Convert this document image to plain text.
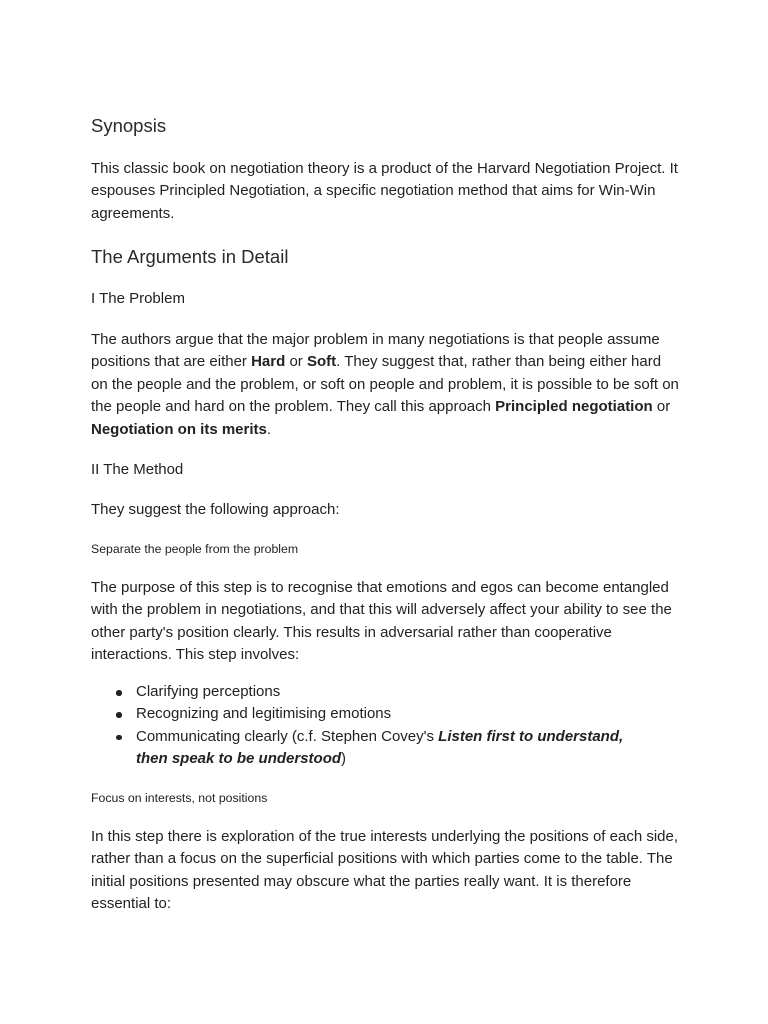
Synopsis

This classic book on negotiation theory is a product of the Harvard Negotiation Project. It espouses Principled Negotiation, a specific negotiation method that aims for Win-Win agreements.

The Arguments in Detail

I The Problem

The authors argue that the major problem in many negotiations is that people assume positions that are either Hard or Soft. They suggest that, rather than being either hard on the people and the problem, or soft on people and problem, it is possible to be soft on the people and hard on the problem. They call this approach Principled negotiation or Negotiation on its merits.

II The Method

They suggest the following approach:

Separate the people from the problem

The purpose of this step is to recognise that emotions and egos can become entangled with the problem in negotiations, and that this will adversely affect your ability to see the other party's position clearly. This results in adversarial rather than cooperative interactions. This step involves:

Clarifying perceptions
Recognizing and legitimising emotions
Communicating clearly (c.f. Stephen Covey's Listen first to understand, then speak to be understood)

Focus on interests, not positions

In this step there is exploration of the true interests underlying the positions of each side, rather than a focus on the superficial positions with which parties come to the table. The initial positions presented may obscure what the parties really want. It is therefore essential to:
